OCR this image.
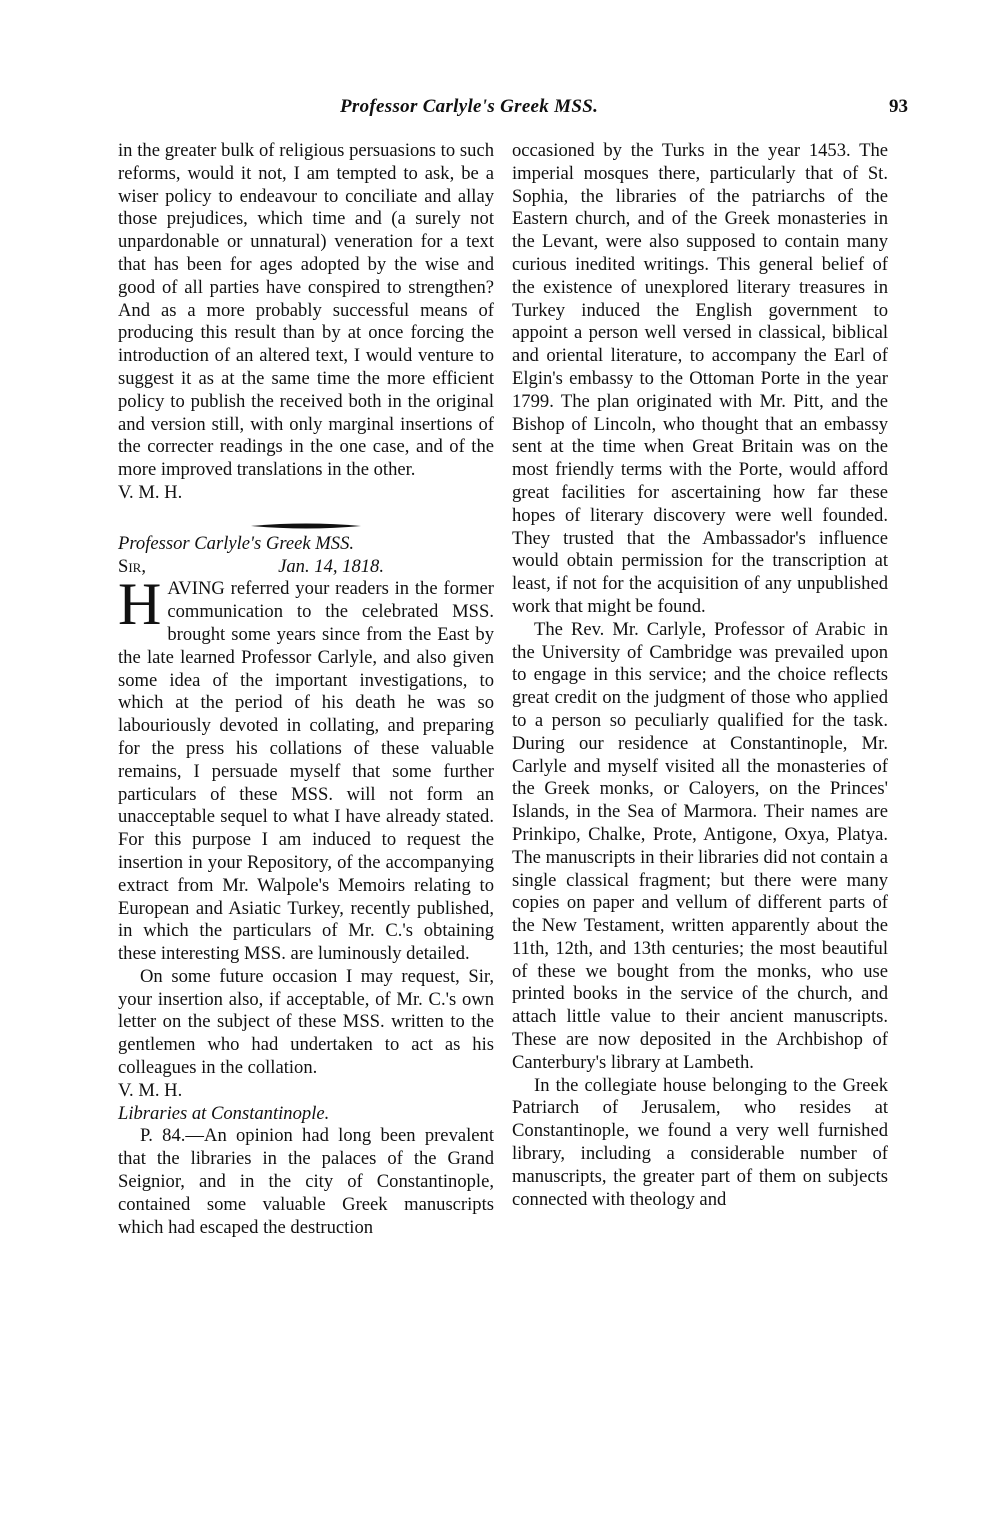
Professor Carlyle's Greek MSS.	93

in the greater bulk of religious persuasions to such reforms, would it not, I am tempted to ask, be a wiser policy to endeavour to conciliate and allay those prejudices, which time and (a surely not unpardonable or unnatural) veneration for a text that has been for ages adopted by the wise and good of all parties have conspired to strengthen? And as a more probably successful means of producing this result than by at once forcing the introduction of an altered text, I would venture to suggest it as at the same time the more efficient policy to publish the received both in the original and version still, with only marginal insertions of the correcter readings in the one case, and of the more improved translations in the other.

V. M. H.

Professor Carlyle's Greek MSS.

Sir,	Jan. 14, 1818.

HAVING referred your readers in the former communication to the celebrated MSS. brought some years since from the East by the late learned Professor Carlyle, and also given some idea of the important investigations, to which at the period of his death he was so labouriously devoted in collating, and preparing for the press his collations of these valuable remains, I persuade myself that some further particulars of these MSS. will not form an unacceptable sequel to what I have already stated. For this purpose I am induced to request the insertion in your Repository, of the accompanying extract from Mr. Walpole's Memoirs relating to European and Asiatic Turkey, recently published, in which the particulars of Mr. C.'s obtaining these interesting MSS. are luminously detailed.

On some future occasion I may request, Sir, your insertion also, if acceptable, of Mr. C.'s own letter on the subject of these MSS. written to the gentlemen who had undertaken to act as his colleagues in the collation.

V. M. H.

Libraries at Constantinople.

P. 84.—An opinion had long been prevalent that the libraries in the palaces of the Grand Seignior, and in the city of Constantinople, contained some valuable Greek manuscripts which had escaped the destruction

occasioned by the Turks in the year 1453. The imperial mosques there, particularly that of St. Sophia, the libraries of the patriarchs of the Eastern church, and of the Greek monasteries in the Levant, were also supposed to contain many curious inedited writings. This general belief of the existence of unexplored literary treasures in Turkey induced the English government to appoint a person well versed in classical, biblical and oriental literature, to accompany the Earl of Elgin's embassy to the Ottoman Porte in the year 1799. The plan originated with Mr. Pitt, and the Bishop of Lincoln, who thought that an embassy sent at the time when Great Britain was on the most friendly terms with the Porte, would afford great facilities for ascertaining how far these hopes of literary discovery were well founded. They trusted that the Ambassador's influence would obtain permission for the transcription at least, if not for the acquisition of any unpublished work that might be found.

The Rev. Mr. Carlyle, Professor of Arabic in the University of Cambridge was prevailed upon to engage in this service; and the choice reflects great credit on the judgment of those who applied to a person so peculiarly qualified for the task. During our residence at Constantinople, Mr. Carlyle and myself visited all the monasteries of the Greek monks, or Caloyers, on the Princes' Islands, in the Sea of Marmora. Their names are Prinkipo, Chalke, Prote, Antigone, Oxya, Platya. The manuscripts in their libraries did not contain a single classical fragment; but there were many copies on paper and vellum of different parts of the New Testament, written apparently about the 11th, 12th, and 13th centuries; the most beautiful of these we bought from the monks, who use printed books in the service of the church, and attach little value to their ancient manuscripts. These are now deposited in the Archbishop of Canterbury's library at Lambeth.

In the collegiate house belonging to the Greek Patriarch of Jerusalem, who resides at Constantinople, we found a very well furnished library, including a considerable number of manuscripts, the greater part of them on subjects connected with theology and
